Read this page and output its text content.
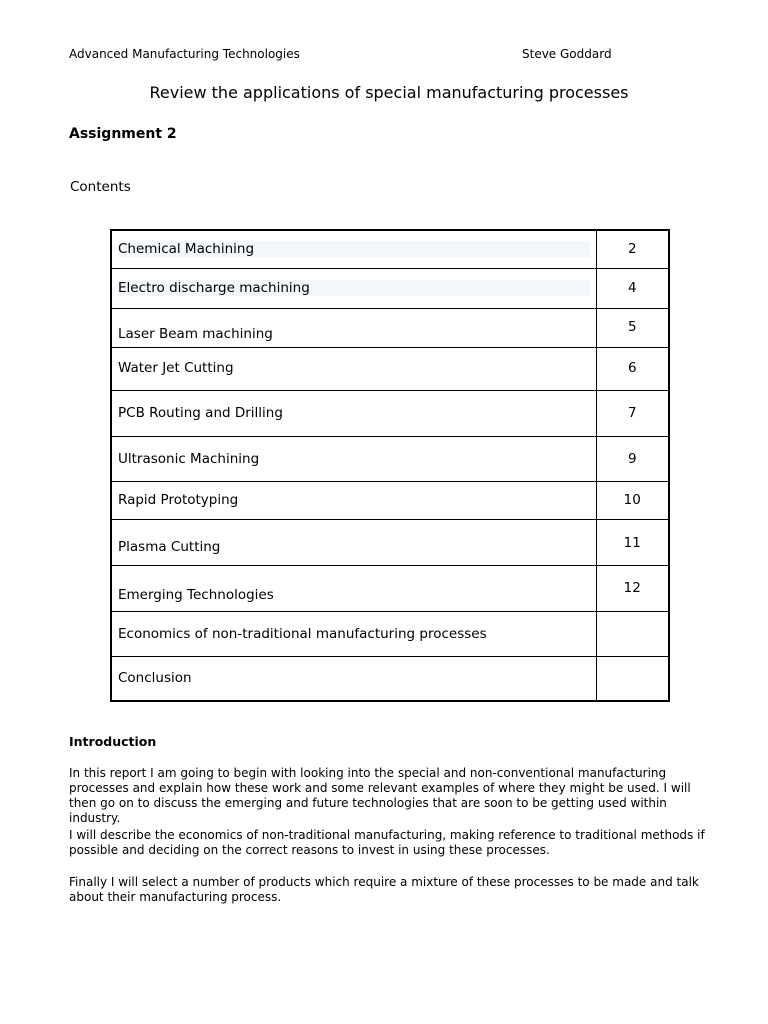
Advanced Manufacturing Technologies	Steve Goddard
Review the applications of special manufacturing processes
Assignment 2
Contents
Chemical Machining	2
Electro discharge machining	4
Laser Beam machining	5
Water Jet Cutting	6
PCB Routing and Drilling	7
Ultrasonic Machining	9
Rapid Prototyping	10
Plasma Cutting	11
Emerging Technologies	12
Economics of non-traditional manufacturing processes	
Conclusion	
Introduction

In this report I am going to begin with looking into the special and non-conventional manufacturing processes and explain how these work and some relevant examples of where they might be used. I will then go on to discuss the emerging and future technologies that are soon to be getting used within industry.

I will describe the economics of non-traditional manufacturing, making reference to traditional methods if possible and deciding on the correct reasons to invest in using these processes.

Finally I will select a number of products which require a mixture of these processes to be made and talk about their manufacturing process.
